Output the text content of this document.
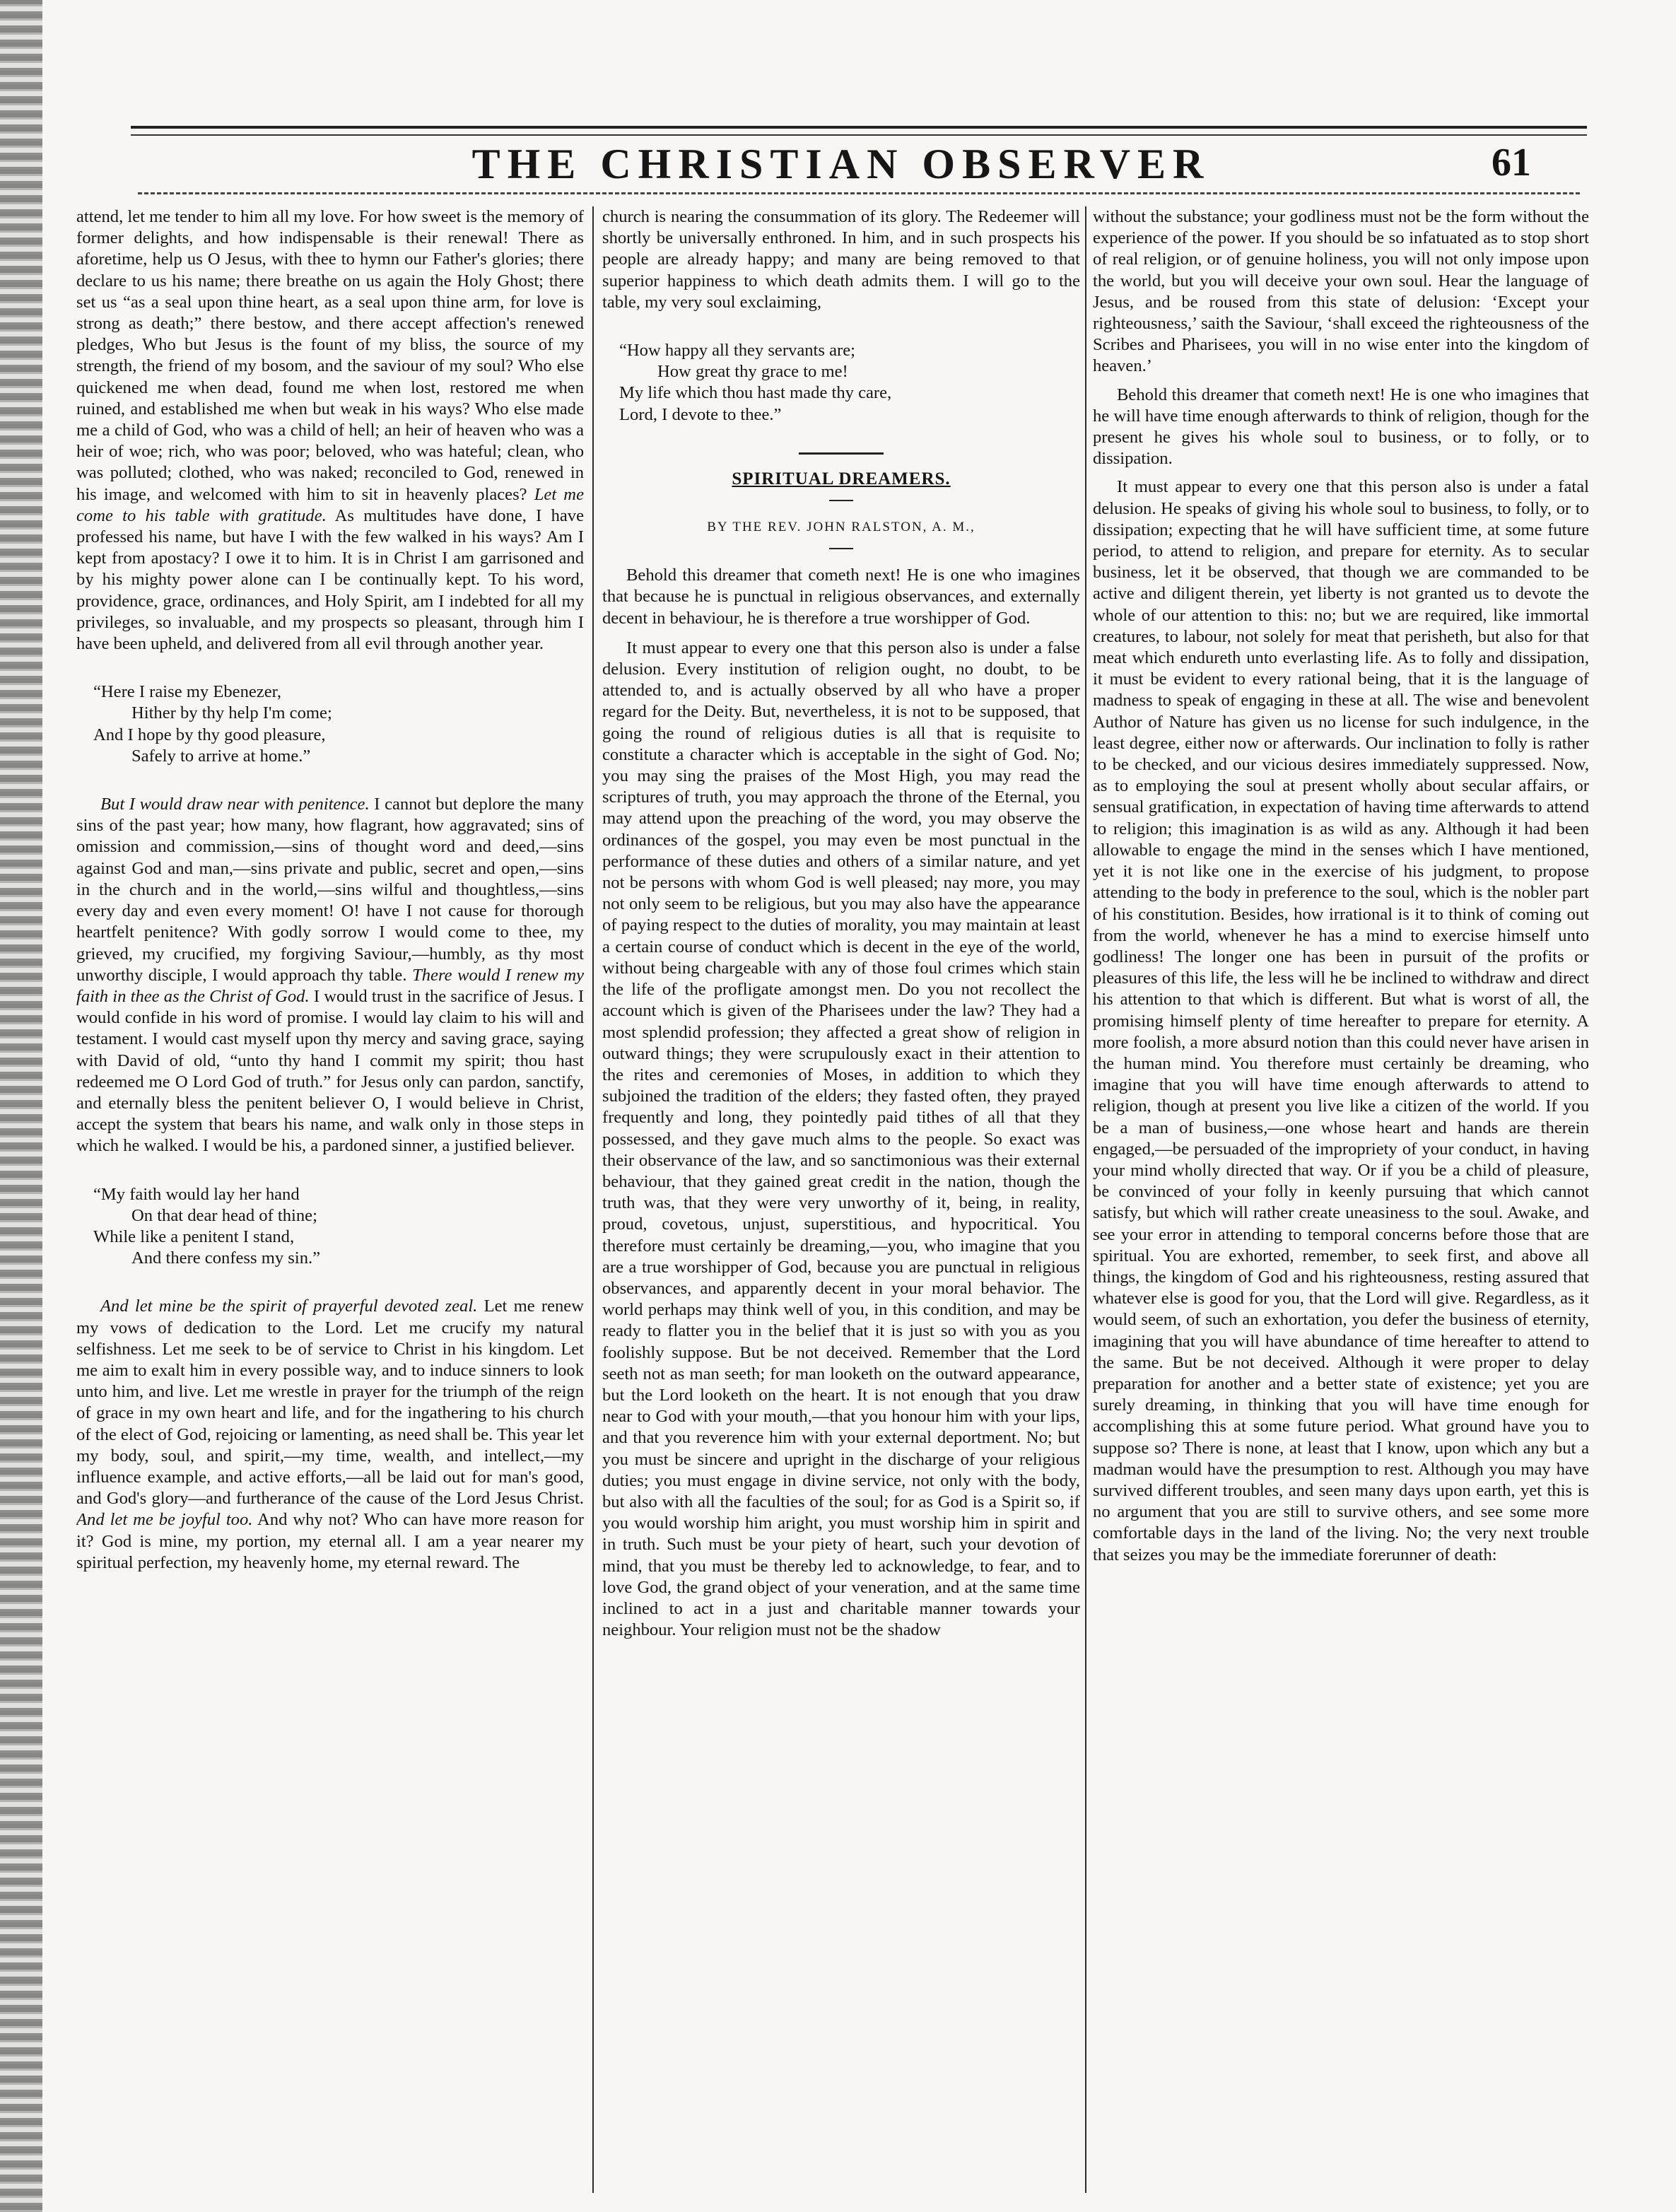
THE CHRISTIAN OBSERVER	61

attend, let me tender to him all my love. For how sweet is the memory of former delights, and how indispensable is their renewal! There as aforetime, help us O Jesus, with thee to hymn our Father's glories; there declare to us his name; there breathe on us again the Holy Ghost; there set us “as a seal upon thine heart, as a seal upon thine arm, for love is strong as death;” there bestow, and there accept affection's renewed pledges, Who but Jesus is the fount of my bliss, the source of my strength, the friend of my bosom, and the saviour of my soul? Who else quickened me when dead, found me when lost, restored me when ruined, and established me when but weak in his ways? Who else made me a child of God, who was a child of hell; an heir of heaven who was a heir of woe; rich, who was poor; beloved, who was hateful; clean, who was polluted; clothed, who was naked; reconciled to God, renewed in his image, and welcomed with him to sit in heavenly places? Let me come to his table with gratitude. As multitudes have done, I have professed his name, but have I with the few walked in his ways? Am I kept from apostacy? I owe it to him. It is in Christ I am garrisoned and by his mighty power alone can I be continually kept. To his word, providence, grace, ordinances, and Holy Spirit, am I indebted for all my privileges, so invaluable, and my prospects so pleasant, through him I have been upheld, and delivered from all evil through another year.

“Here I raise my Ebenezer,
Hither by thy help I'm come;
And I hope by thy good pleasure,
Safely to arrive at home.”

But I would draw near with penitence. I cannot but deplore the many sins of the past year; how many, how flagrant, how aggravated; sins of omission and commission,—sins of thought word and deed,—sins against God and man,—sins private and public, secret and open,—sins in the church and in the world,—sins wilful and thoughtless,—sins every day and even every moment! O! have I not cause for thorough heartfelt penitence? With godly sorrow I would come to thee, my grieved, my crucified, my forgiving Saviour,—humbly, as thy most unworthy disciple, I would approach thy table. There would I renew my faith in thee as the Christ of God. I would trust in the sacrifice of Jesus. I would confide in his word of promise. I would lay claim to his will and testament. I would cast myself upon thy mercy and saving grace, saying with David of old, “unto thy hand I commit my spirit; thou hast redeemed me O Lord God of truth.” for Jesus only can pardon, sanctify, and eternally bless the penitent believer O, I would believe in Christ, accept the system that bears his name, and walk only in those steps in which he walked. I would be his, a pardoned sinner, a justified believer.

“My faith would lay her hand
On that dear head of thine;
While like a penitent I stand,
And there confess my sin.”

And let mine be the spirit of prayerful devoted zeal. Let me renew my vows of dedication to the Lord. Let me crucify my natural selfishness. Let me seek to be of service to Christ in his kingdom. Let me aim to exalt him in every possible way, and to induce sinners to look unto him, and live. Let me wrestle in prayer for the triumph of the reign of grace in my own heart and life, and for the ingathering to his church of the elect of God, rejoicing or lamenting, as need shall be. This year let my body, soul, and spirit,—my time, wealth, and intellect,—my influence example, and active efforts,—all be laid out for man's good, and God's glory—and furtherance of the cause of the Lord Jesus Christ. And let me be joyful too. And why not? Who can have more reason for it? God is mine, my portion, my eternal all. I am a year nearer my spiritual perfection, my heavenly home, my eternal reward. The

church is nearing the consummation of its glory. The Redeemer will shortly be universally enthroned. In him, and in such prospects his people are already happy; and many are being removed to that superior happiness to which death admits them. I will go to the table, my very soul exclaiming,

“How happy all they servants are;
How great thy grace to me!
My life which thou hast made thy care,
Lord, I devote to thee.”
SPIRITUAL DREAMERS.
BY THE REV. JOHN RALSTON, A. M.,

Behold this dreamer that cometh next! He is one who imagines that because he is punctual in religious observances, and externally decent in behaviour, he is therefore a true worshipper of God.

It must appear to every one that this person also is under a false delusion. Every institution of religion ought, no doubt, to be attended to, and is actually observed by all who have a proper regard for the Deity. But, nevertheless, it is not to be supposed, that going the round of religious duties is all that is requisite to constitute a character which is acceptable in the sight of God. No; you may sing the praises of the Most High, you may read the scriptures of truth, you may approach the throne of the Eternal, you may attend upon the preaching of the word, you may observe the ordinances of the gospel, you may even be most punctual in the performance of these duties and others of a similar nature, and yet not be persons with whom God is well pleased; nay more, you may not only seem to be religious, but you may also have the appearance of paying respect to the duties of morality, you may maintain at least a certain course of conduct which is decent in the eye of the world, without being chargeable with any of those foul crimes which stain the life of the profligate amongst men. Do you not recollect the account which is given of the Pharisees under the law? They had a most splendid profession; they affected a great show of religion in outward things; they were scrupulously exact in their attention to the rites and ceremonies of Moses, in addition to which they subjoined the tradition of the elders; they fasted often, they prayed frequently and long, they pointedly paid tithes of all that they possessed, and they gave much alms to the people. So exact was their observance of the law, and so sanctimonious was their external behaviour, that they gained great credit in the nation, though the truth was, that they were very unworthy of it, being, in reality, proud, covetous, unjust, superstitious, and hypocritical. You therefore must certainly be dreaming,—you, who imagine that you are a true worshipper of God, because you are punctual in religious observances, and apparently decent in your moral behavior. The world perhaps may think well of you, in this condition, and may be ready to flatter you in the belief that it is just so with you as you foolishly suppose. But be not deceived. Remember that the Lord seeth not as man seeth; for man looketh on the outward appearance, but the Lord looketh on the heart. It is not enough that you draw near to God with your mouth,—that you honour him with your lips, and that you reverence him with your external deportment. No; but you must be sincere and upright in the discharge of your religious duties; you must engage in divine service, not only with the body, but also with all the faculties of the soul; for as God is a Spirit so, if you would worship him aright, you must worship him in spirit and in truth. Such must be your piety of heart, such your devotion of mind, that you must be thereby led to acknowledge, to fear, and to love God, the grand object of your veneration, and at the same time inclined to act in a just and charitable manner towards your neighbour. Your religion must not be the shadow

without the substance; your godliness must not be the form without the experience of the power. If you should be so infatuated as to stop short of real religion, or of genuine holiness, you will not only impose upon the world, but you will deceive your own soul. Hear the language of Jesus, and be roused from this state of delusion: ‘Except your righteousness,’ saith the Saviour, ‘shall exceed the righteousness of the Scribes and Pharisees, you will in no wise enter into the kingdom of heaven.’

Behold this dreamer that cometh next! He is one who imagines that he will have time enough afterwards to think of religion, though for the present he gives his whole soul to business, or to folly, or to dissipation.

It must appear to every one that this person also is under a fatal delusion. He speaks of giving his whole soul to business, to folly, or to dissipation; expecting that he will have sufficient time, at some future period, to attend to religion, and prepare for eternity. As to secular business, let it be observed, that though we are commanded to be active and diligent therein, yet liberty is not granted us to devote the whole of our attention to this: no; but we are required, like immortal creatures, to labour, not solely for meat that perisheth, but also for that meat which endureth unto everlasting life. As to folly and dissipation, it must be evident to every rational being, that it is the language of madness to speak of engaging in these at all. The wise and benevolent Author of Nature has given us no license for such indulgence, in the least degree, either now or afterwards. Our inclination to folly is rather to be checked, and our vicious desires immediately suppressed. Now, as to employing the soul at present wholly about secular affairs, or sensual gratification, in expectation of having time afterwards to attend to religion; this imagination is as wild as any. Although it had been allowable to engage the mind in the senses which I have mentioned, yet it is not like one in the exercise of his judgment, to propose attending to the body in preference to the soul, which is the nobler part of his constitution. Besides, how irrational is it to think of coming out from the world, whenever he has a mind to exercise himself unto godliness! The longer one has been in pursuit of the profits or pleasures of this life, the less will he be inclined to withdraw and direct his attention to that which is different. But what is worst of all, the promising himself plenty of time hereafter to prepare for eternity. A more foolish, a more absurd notion than this could never have arisen in the human mind. You therefore must certainly be dreaming, who imagine that you will have time enough afterwards to attend to religion, though at present you live like a citizen of the world. If you be a man of business,—one whose heart and hands are therein engaged,—be persuaded of the impropriety of your conduct, in having your mind wholly directed that way. Or if you be a child of pleasure, be convinced of your folly in keenly pursuing that which cannot satisfy, but which will rather create uneasiness to the soul. Awake, and see your error in attending to temporal concerns before those that are spiritual. You are exhorted, remember, to seek first, and above all things, the kingdom of God and his righteousness, resting assured that whatever else is good for you, that the Lord will give. Regardless, as it would seem, of such an exhortation, you defer the business of eternity, imagining that you will have abundance of time hereafter to attend to the same. But be not deceived. Although it were proper to delay preparation for another and a better state of existence; yet you are surely dreaming, in thinking that you will have time enough for accomplishing this at some future period. What ground have you to suppose so? There is none, at least that I know, upon which any but a madman would have the presumption to rest. Although you may have survived different troubles, and seen many days upon earth, yet this is no argument that you are still to survive others, and see some more comfortable days in the land of the living. No; the very next trouble that seizes you may be the immediate forerunner of death:
